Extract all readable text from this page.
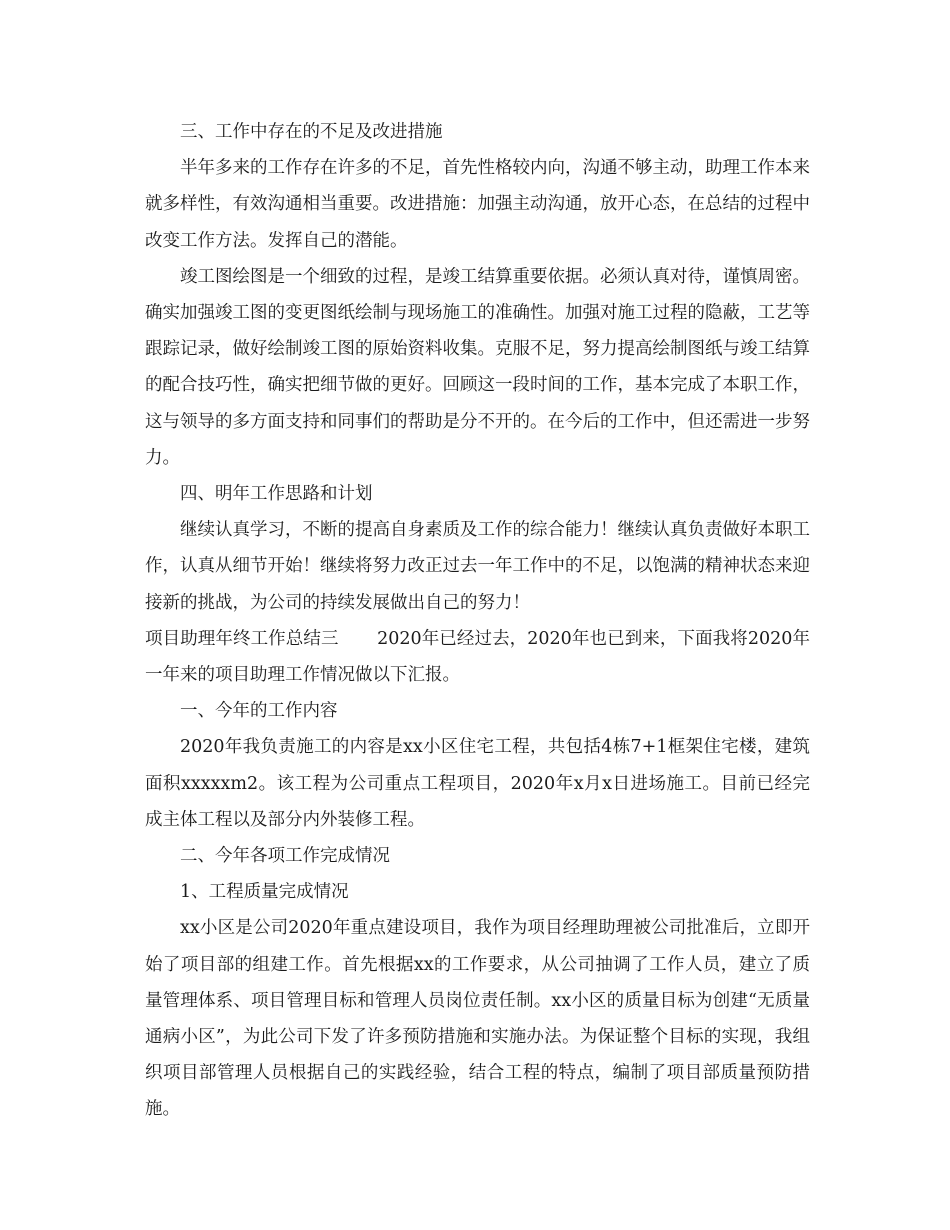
三、工作中存在的不足及改进措施

半年多来的工作存在许多的不足，首先性格较内向，沟通不够主动，助理工作本来就多样性，有效沟通相当重要。改进措施：加强主动沟通，放开心态，在总结的过程中改变工作方法。发挥自己的潜能。

竣工图绘图是一个细致的过程，是竣工结算重要依据。必须认真对待，谨慎周密。确实加强竣工图的变更图纸绘制与现场施工的准确性。加强对施工过程的隐蔽，工艺等跟踪记录，做好绘制竣工图的原始资料收集。克服不足，努力提高绘制图纸与竣工结算的配合技巧性，确实把细节做的更好。回顾这一段时间的工作，基本完成了本职工作，这与领导的多方面支持和同事们的帮助是分不开的。在今后的工作中，但还需进一步努力。

四、明年工作思路和计划

继续认真学习，不断的提高自身素质及工作的综合能力！继续认真负责做好本职工作，认真从细节开始！继续将努力改正过去一年工作中的不足，以饱满的精神状态来迎接新的挑战，为公司的持续发展做出自己的努力！

项目助理年终工作总结三 2020年已经过去，2020年也已到来，下面我将2020年一年来的项目助理工作情况做以下汇报。

一、今年的工作内容

2020年我负责施工的内容是xx小区住宅工程，共包括4栋7+1框架住宅楼，建筑面积xxxxxm2。该工程为公司重点工程项目，2020年x月x日进场施工。目前已经完成主体工程以及部分内外装修工程。

二、今年各项工作完成情况

1、工程质量完成情况

xx小区是公司2020年重点建设项目，我作为项目经理助理被公司批准后，立即开始了项目部的组建工作。首先根据xx的工作要求，从公司抽调了工作人员，建立了质量管理体系、项目管理目标和管理人员岗位责任制。xx小区的质量目标为创建“无质量通病小区”，为此公司下发了许多预防措施和实施办法。为保证整个目标的实现，我组织项目部管理人员根据自己的实践经验，结合工程的特点，编制了项目部质量预防措施。
